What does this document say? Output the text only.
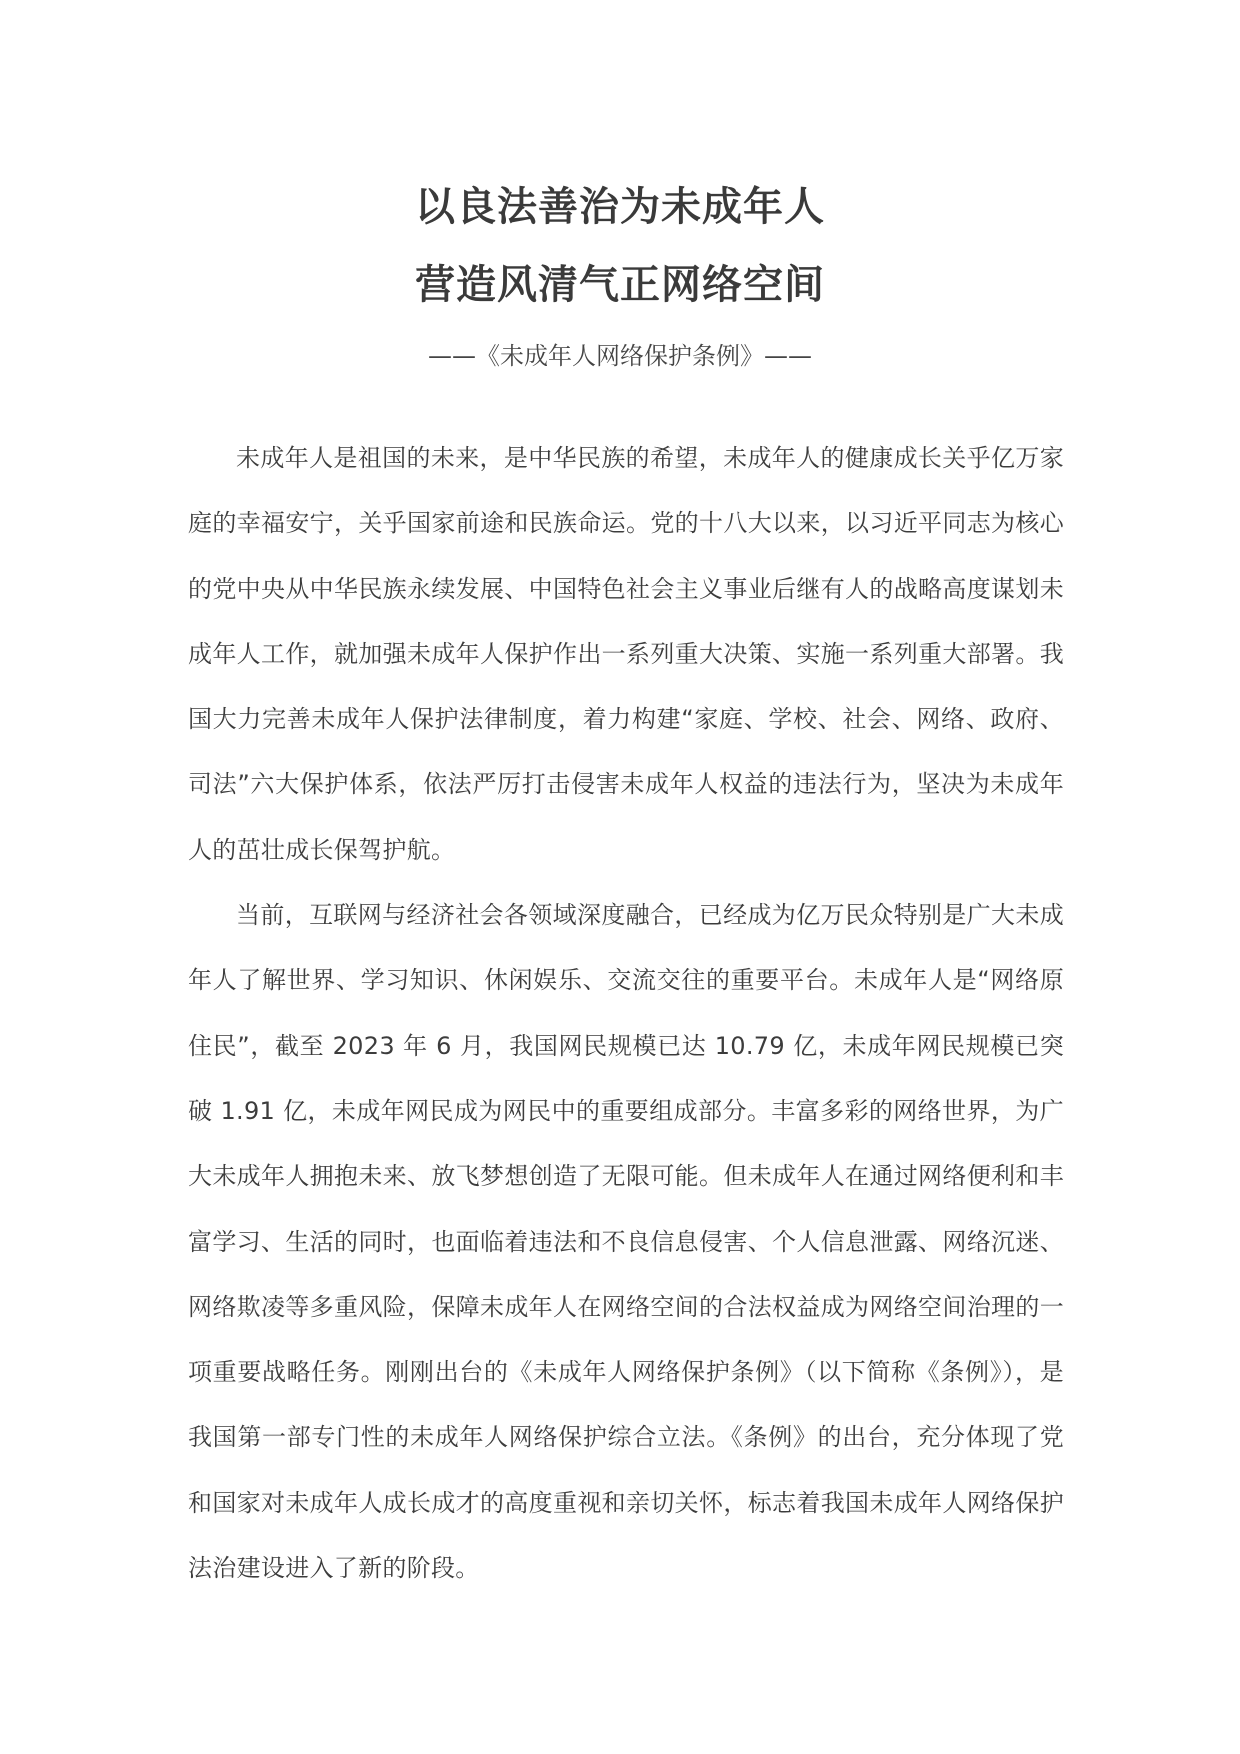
以良法善治为未成年人
营造风清气正网络空间
——《未成年人网络保护条例》——

未成年人是祖国的未来，是中华民族的希望，未成年人的健康成长关乎亿万家庭的幸福安宁，关乎国家前途和民族命运。党的十八大以来，以习近平同志为核心的党中央从中华民族永续发展、中国特色社会主义事业后继有人的战略高度谋划未成年人工作，就加强未成年人保护作出一系列重大决策、实施一系列重大部署。我国大力完善未成年人保护法律制度，着力构建“家庭、学校、社会、网络、政府、司法”六大保护体系，依法严厉打击侵害未成年人权益的违法行为，坚决为未成年人的茁壮成长保驾护航。

当前，互联网与经济社会各领域深度融合，已经成为亿万民众特别是广大未成年人了解世界、学习知识、休闲娱乐、交流交往的重要平台。未成年人是“网络原住民”，截至 2023 年 6 月，我国网民规模已达 10.79 亿，未成年网民规模已突破 1.91 亿，未成年网民成为网民中的重要组成部分。丰富多彩的网络世界，为广大未成年人拥抱未来、放飞梦想创造了无限可能。但未成年人在通过网络便利和丰富学习、生活的同时，也面临着违法和不良信息侵害、个人信息泄露、网络沉迷、网络欺凌等多重风险，保障未成年人在网络空间的合法权益成为网络空间治理的一项重要战略任务。刚刚出台的《未成年人网络保护条例》（以下简称《条例》），是我国第一部专门性的未成年人网络保护综合立法。《条例》的出台，充分体现了党和国家对未成年人成长成才的高度重视和亲切关怀，标志着我国未成年人网络保护法治建设进入了新的阶段。
